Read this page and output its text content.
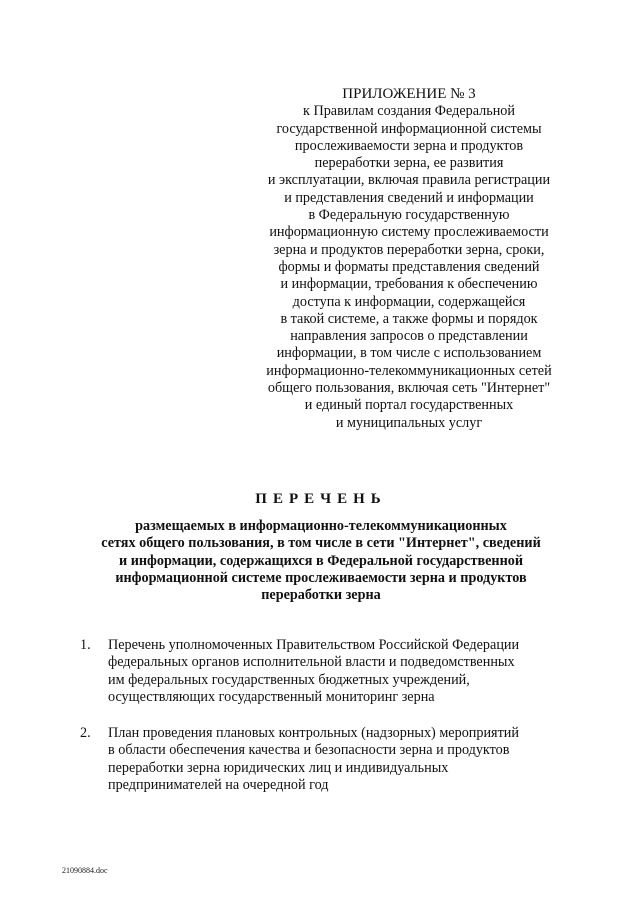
ПРИЛОЖЕНИЕ № 3
к Правилам создания Федеральной
государственной информационной системы
прослеживаемости зерна и продуктов
переработки зерна, ее развития
и эксплуатации, включая правила регистрации
и представления сведений и информации
в Федеральную государственную
информационную систему прослеживаемости
зерна и продуктов переработки зерна, сроки,
формы и форматы представления сведений
и информации, требования к обеспечению
доступа к информации, содержащейся
в такой системе, а также формы и порядок
направления запросов о представлении
информации, в том числе с использованием
информационно-телекоммуникационных сетей
общего пользования, включая сеть "Интернет"
и единый портал государственных
и муниципальных услуг
ПЕРЕЧЕНЬ
размещаемых в информационно-телекоммуникационных
сетях общего пользования, в том числе в сети "Интернет", сведений
и информации, содержащихся в Федеральной государственной
информационной системе прослеживаемости зерна и продуктов
переработки зерна
1. Перечень уполномоченных Правительством Российской Федерации
федеральных органов исполнительной власти и подведомственных
им федеральных государственных бюджетных учреждений,
осуществляющих государственный мониторинг зерна
2. План проведения плановых контрольных (надзорных) мероприятий
в области обеспечения качества и безопасности зерна и продуктов
переработки зерна юридических лиц и индивидуальных
предпринимателей на очередной год
21090884.doc
